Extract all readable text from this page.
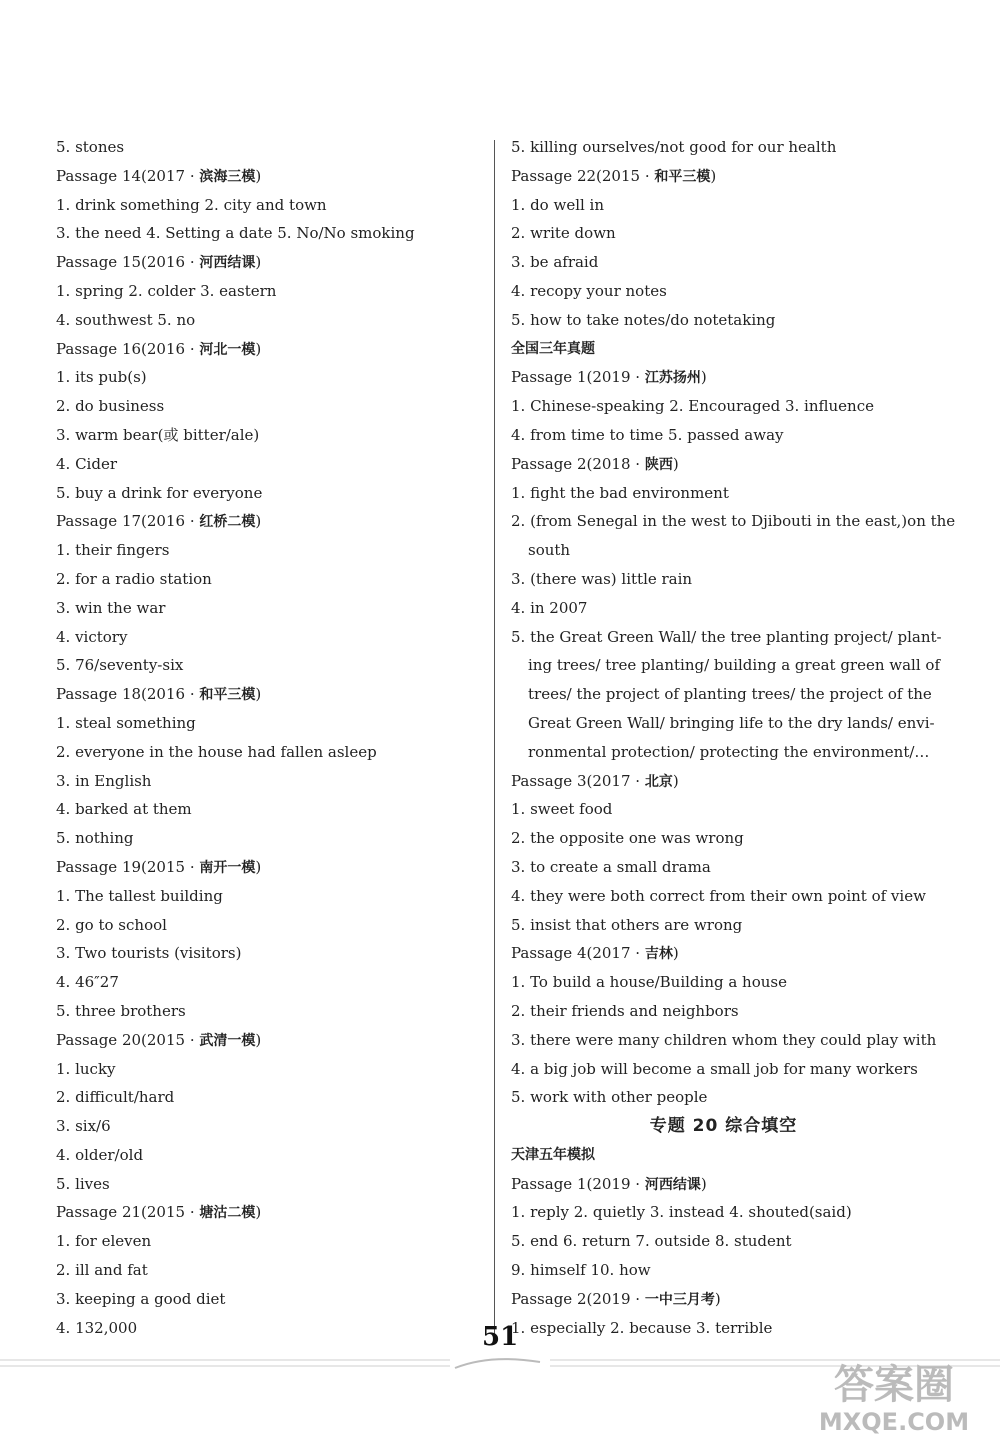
5. stones
Passage 14(2017 · 滨海三模)
1. drink something 2. city and town
3. the need 4. Setting a date 5. No/No smoking
Passage 15(2016 · 河西结课)
1. spring 2. colder 3. eastern
4. southwest 5. no
Passage 16(2016 · 河北一模)
1. its pub(s)
2. do business
3. warm bear(或 bitter/ale)
4. Cider
5. buy a drink for everyone
Passage 17(2016 · 红桥二模)
1. their fingers
2. for a radio station
3. win the war
4. victory
5. 76/seventy-six
Passage 18(2016 · 和平三模)
1. steal something
2. everyone in the house had fallen asleep
3. in English
4. barked at them
5. nothing
Passage 19(2015 · 南开一模)
1. The tallest building
2. go to school
3. Two tourists (visitors)
4. 46″27
5. three brothers
Passage 20(2015 · 武清一模)
1. lucky
2. difficult/hard
3. six/6
4. older/old
5. lives
Passage 21(2015 · 塘沽二模)
1. for eleven
2. ill and fat
3. keeping a good diet
4. 132,000
5. killing ourselves/not good for our health
Passage 22(2015 · 和平三模)
1. do well in
2. write down
3. be afraid
4. recopy your notes
5. how to take notes/do notetaking
全国三年真题
Passage 1(2019 · 江苏扬州)
1. Chinese-speaking 2. Encouraged 3. influence
4. from time to time 5. passed away
Passage 2(2018 · 陕西)
1. fight the bad environment
2. (from Senegal in the west to Djibouti in the east,)on the
south
3. (there was) little rain
4. in 2007
5. the Great Green Wall/ the tree planting project/ plant-
ing trees/ tree planting/ building a great green wall of
trees/ the project of planting trees/ the project of the
Great Green Wall/ bringing life to the dry lands/ envi-
ronmental protection/ protecting the environment/…
Passage 3(2017 · 北京)
1. sweet food
2. the opposite one was wrong
3. to create a small drama
4. they were both correct from their own point of view
5. insist that others are wrong
Passage 4(2017 · 吉林)
1. To build a house/Building a house
2. their friends and neighbors
3. there were many children whom they could play with
4. a big job will become a small job for many workers
5. work with other people
专题 20 综合填空
天津五年模拟
Passage 1(2019 · 河西结课)
1. reply 2. quietly 3. instead 4. shouted(said)
5. end 6. return 7. outside 8. student
9. himself 10. how
Passage 2(2019 · 一中三月考)
1. especially 2. because 3. terrible
51
答案圈
MXQE.COM
